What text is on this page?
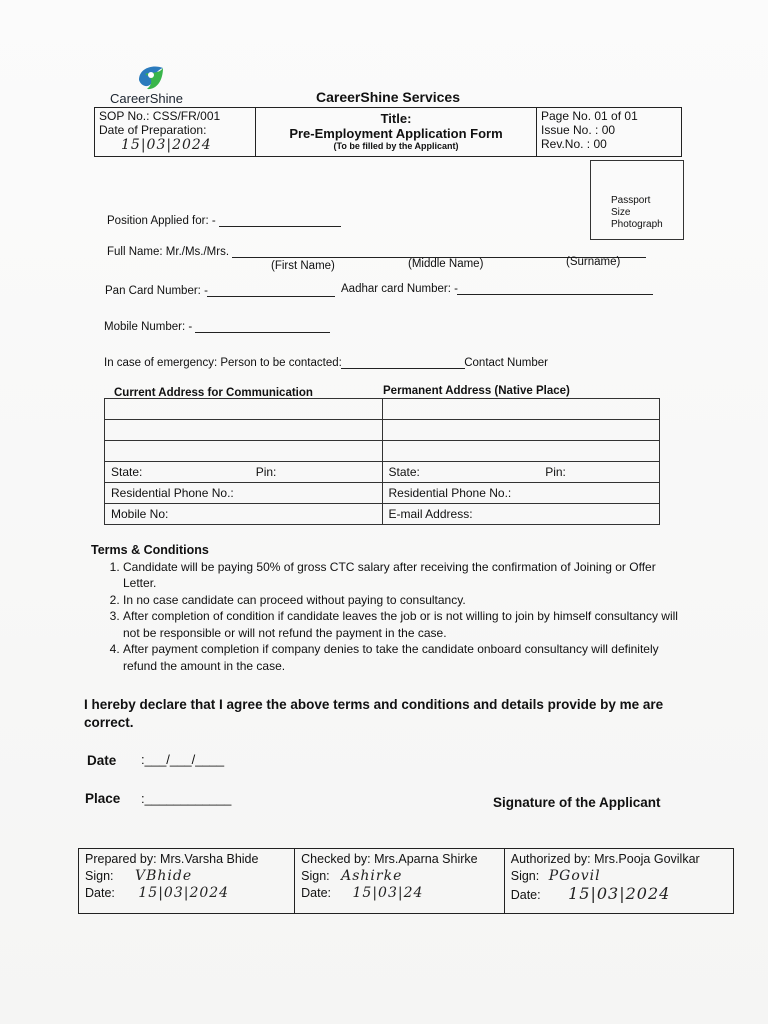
CareerShine	CareerShine Services
SOP No.: CSS/FR/001
Date of Preparation:
15|03|2024

Title:
Pre-Employment Application Form
(To be filled by the Applicant)

Page No. 01 of 01
Issue No. : 00
Rev.No. : 00
Passport
Size
Photograph
Position Applied for: -
Full Name: Mr./Ms./Mrs.
(First Name)	(Middle Name)	(Surname)
Pan Card Number: -	Aadhar card Number: -
Mobile Number: -
In case of emergency: Person to be contacted:	Contact Number
Current Address for Communication	Permanent Address (Native Place)

State: Pin:	State: Pin:
Residential Phone No.:	Residential Phone No.:
Mobile No:	E-mail Address:
Terms & Conditions
1. Candidate will be paying 50% of gross CTC salary after receiving the confirmation of Joining or Offer Letter.
2. In no case candidate can proceed without paying to consultancy.
3. After completion of condition if candidate leaves the job or is not willing to join by himself consultancy will not be responsible or will not refund the payment in the case.
4. After payment completion if company denies to take the candidate onboard consultancy will definitely refund the amount in the case.
I hereby declare that I agree the above terms and conditions and details provide by me are correct.
Date :___/___/____
Place :____________	Signature of the Applicant
Prepared by: Mrs.Varsha Bhide
Sign: VBhide
Date: 15|03|2024

Checked by: Mrs.Aparna Shirke
Sign: Ashirke
Date: 15|03|24

Authorized by: Mrs.Pooja Govilkar
Sign: PGovil
Date: 15|03|2024
